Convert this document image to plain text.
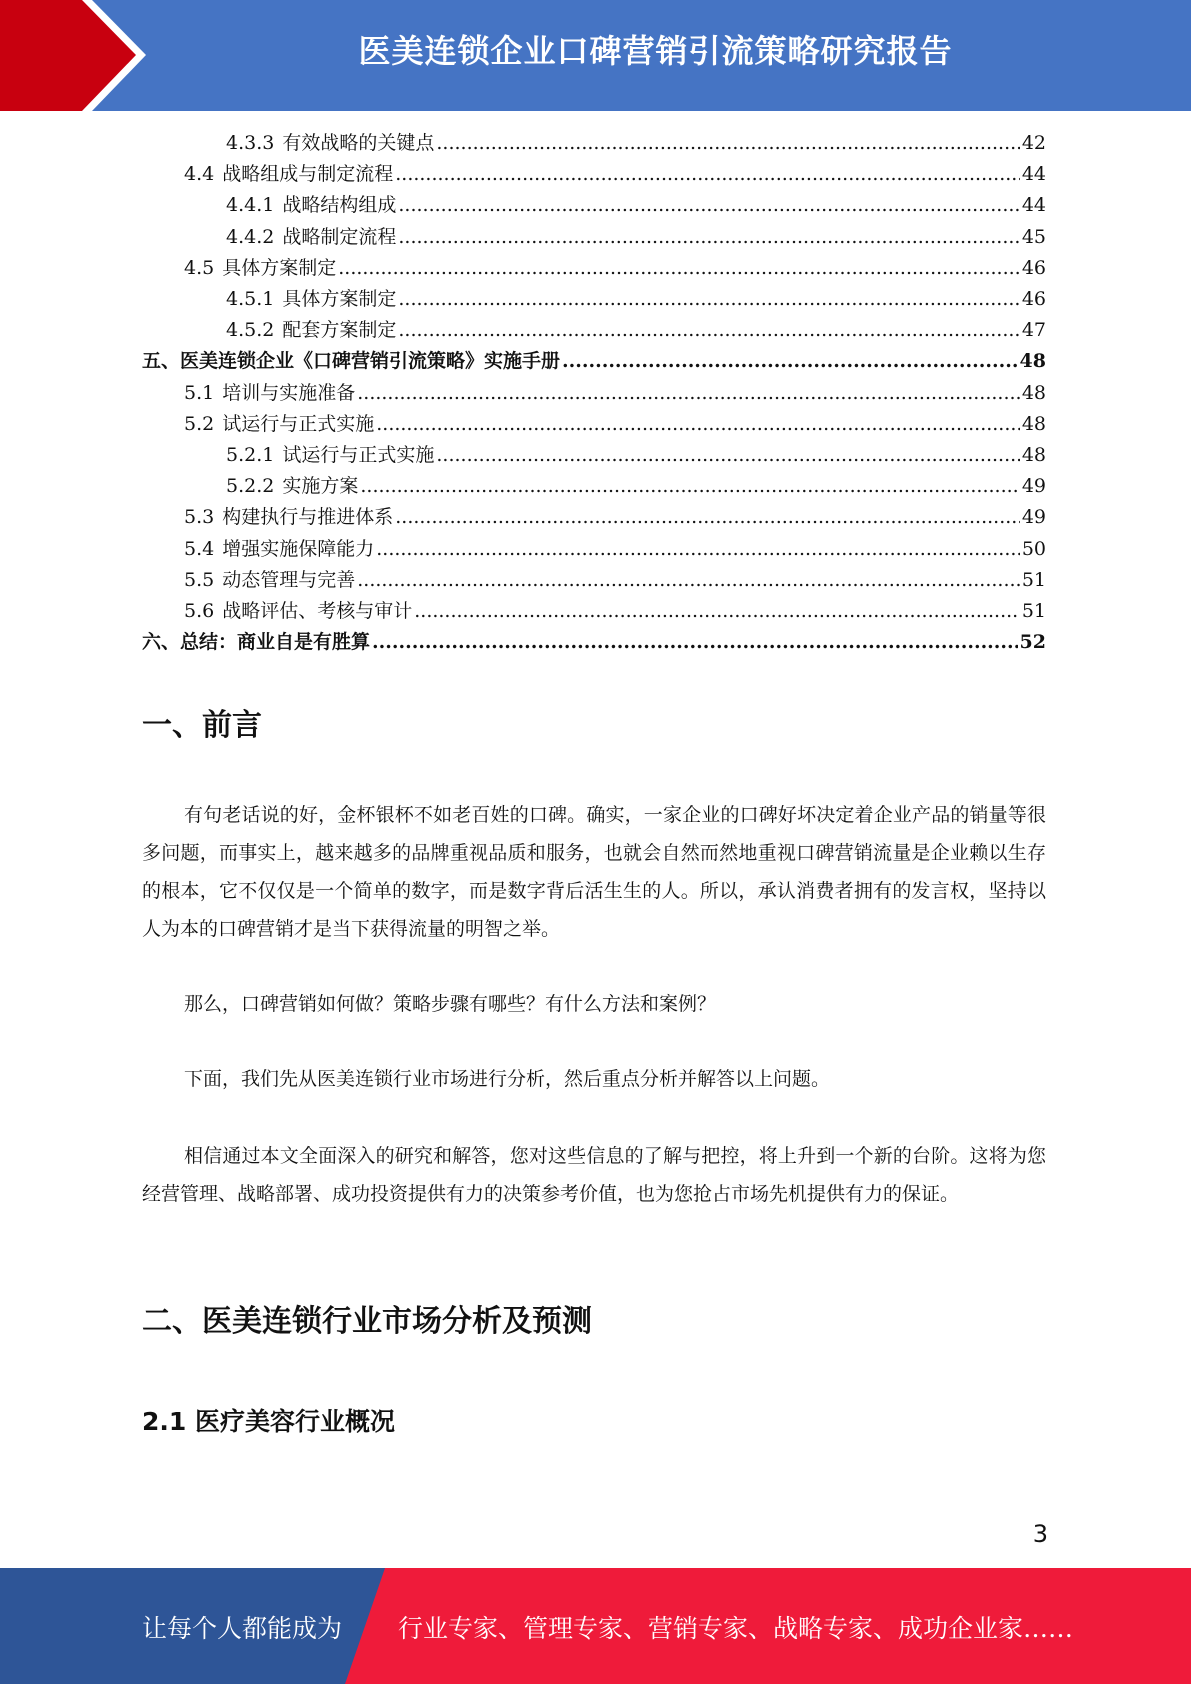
医美连锁企业口碑营销引流策略研究报告
4.3.3 有效战略的关键点 .....	42
4.4 战略组成与制定流程 .....	44
4.4.1 战略结构组成 .....	44
4.4.2 战略制定流程 .....	45
4.5 具体方案制定 .....	46
4.5.1 具体方案制定 .....	46
4.5.2 配套方案制定 .....	47
五、医美连锁企业《口碑营销引流策略》实施手册 .....	48
5.1 培训与实施准备 .....	48
5.2 试运行与正式实施 .....	48
5.2.1 试运行与正式实施 .....	48
5.2.2 实施方案 .....	49
5.3 构建执行与推进体系 .....	49
5.4 增强实施保障能力 .....	50
5.5 动态管理与完善 .....	51
5.6 战略评估、考核与审计 .....	51
六、总结：商业自是有胜算 .....	52
一、前言
有句老话说的好，金杯银杯不如老百姓的口碑。确实，一家企业的口碑好坏决定着企业产品的销量等很多问题，而事实上，越来越多的品牌重视品质和服务，也就会自然而然地重视口碑营销流量是企业赖以生存的根本，它不仅仅是一个简单的数字，而是数字背后活生生的人。所以，承认消费者拥有的发言权，坚持以人为本的口碑营销才是当下获得流量的明智之举。
那么，口碑营销如何做？策略步骤有哪些？有什么方法和案例？
下面，我们先从医美连锁行业市场进行分析，然后重点分析并解答以上问题。
相信通过本文全面深入的研究和解答，您对这些信息的了解与把控，将上升到一个新的台阶。这将为您经营管理、战略部署、成功投资提供有力的决策参考价值，也为您抢占市场先机提供有力的保证。
二、医美连锁行业市场分析及预测
2.1 医疗美容行业概况
3
让每个人都能成为 行业专家、管理专家、营销专家、战略专家、成功企业家……
